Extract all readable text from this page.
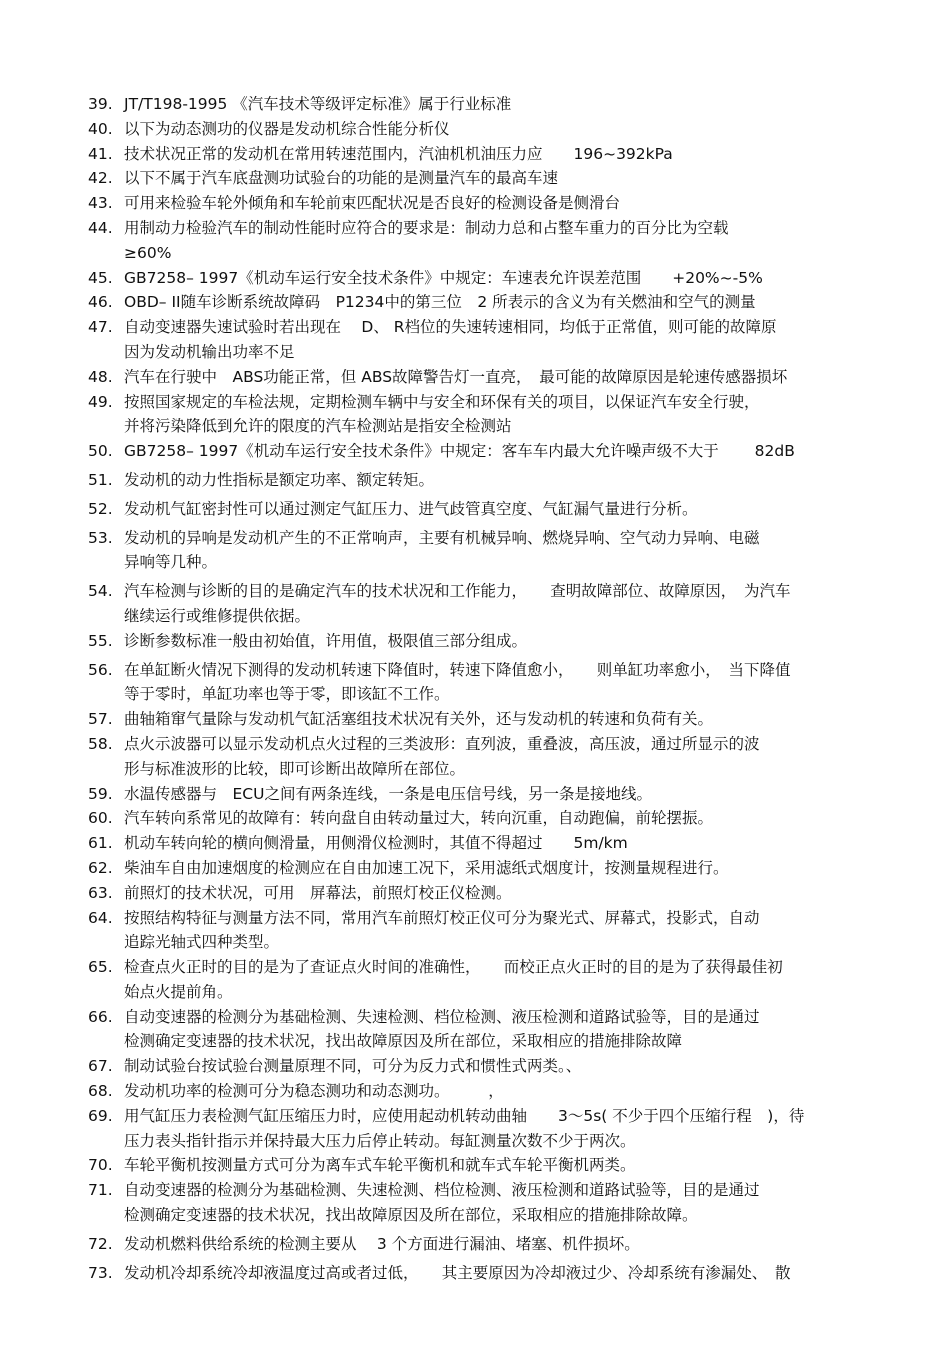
39. JT/T198-1995 《汽车技术等级评定标准》属于行业标准
40. 以下为动态测功的仪器是发动机综合性能分析仪
41. 技术状况正常的发动机在常用转速范围内，汽油机机油压力应　　196~392kPa
42. 以下不属于汽车底盘测功试验台的功能的是测量汽车的最高车速
43. 可用来检验车轮外倾角和车轮前束匹配状况是否良好的检测设备是侧滑台
44. 用制动力检验汽车的制动性能时应符合的要求是：制动力总和占整车重力的百分比为空载
≥60%
45. GB7258– 1997《机动车运行安全技术条件》中规定：车速表允许误差范围　　+20%~-5%
46. OBD– II随车诊断系统故障码　P1234中的第三位　2 所表示的含义为有关燃油和空气的测量
47. 自动变速器失速试验时若出现在　 D、 R档位的失速转速相同，均低于正常值，则可能的故障原
因为发动机输出功率不足
48. 汽车在行驶中　ABS功能正常，但 ABS故障警告灯一直亮，　最可能的故障原因是轮速传感器损坏
49. 按照国家规定的车检法规，定期检测车辆中与安全和环保有关的项目，以保证汽车安全行驶，
并将污染降低到允许的限度的汽车检测站是指安全检测站
50. GB7258– 1997《机动车运行安全技术条件》中规定：客车车内最大允许噪声级不大于　　 82dB
51. 发动机的动力性指标是额定功率、额定转矩。
52. 发动机气缸密封性可以通过测定气缸压力、进气歧管真空度、气缸漏气量进行分析。
53. 发动机的异响是发动机产生的不正常响声，主要有机械异响、燃烧异响、空气动力异响、电磁
异响等几种。
54. 汽车检测与诊断的目的是确定汽车的技术状况和工作能力，　　查明故障部位、故障原因，　为汽车
继续运行或维修提供依据。
55. 诊断参数标准一般由初始值，许用值，极限值三部分组成。
56. 在单缸断火情况下测得的发动机转速下降值时，转速下降值愈小，　　则单缸功率愈小，　当下降值
等于零时，单缸功率也等于零，即该缸不工作。
57. 曲轴箱窜气量除与发动机气缸活塞组技术状况有关外，还与发动机的转速和负荷有关。
58. 点火示波器可以显示发动机点火过程的三类波形：直列波，重叠波，高压波，通过所显示的波
形与标准波形的比较，即可诊断出故障所在部位。
59. 水温传感器与　ECU之间有两条连线，一条是电压信号线，另一条是接地线。
60. 汽车转向系常见的故障有：转向盘自由转动量过大，转向沉重，自动跑偏，前轮摆振。
61. 机动车转向轮的横向侧滑量，用侧滑仪检测时，其值不得超过　　5m/km
62. 柴油车自由加速烟度的检测应在自由加速工况下，采用滤纸式烟度计，按测量规程进行。
63. 前照灯的技术状况，可用　屏幕法，前照灯校正仪检测。
64. 按照结构特征与测量方法不同，常用汽车前照灯校正仪可分为聚光式、屏幕式，投影式，自动
追踪光轴式四种类型。
65. 检查点火正时的目的是为了查证点火时间的准确性，　　而校正点火正时的目的是为了获得最佳初
始点火提前角。
66. 自动变速器的检测分为基础检测、失速检测、档位检测、液压检测和道路试验等，目的是通过
检测确定变速器的技术状况，找出故障原因及所在部位，采取相应的措施排除故障
67. 制动试验台按试验台测量原理不同，可分为反力式和惯性式两类。、
68. 发动机功率的检测可分为稳态测功和动态测功。　　　，
69. 用气缸压力表检测气缸压缩压力时，应使用起动机转动曲轴　　3～5s( 不少于四个压缩行程　)，待
压力表头指针指示并保持最大压力后停止转动。每缸测量次数不少于两次。
70. 车轮平衡机按测量方式可分为离车式车轮平衡机和就车式车轮平衡机两类。
71. 自动变速器的检测分为基础检测、失速检测、档位检测、液压检测和道路试验等，目的是通过
检测确定变速器的技术状况，找出故障原因及所在部位，采取相应的措施排除故障。
72. 发动机燃料供给系统的检测主要从　 3 个方面进行漏油、堵塞、机件损坏。
73. 发动机冷却系统冷却液温度过高或者过低，　　其主要原因为冷却液过少、冷却系统有渗漏处、　散
